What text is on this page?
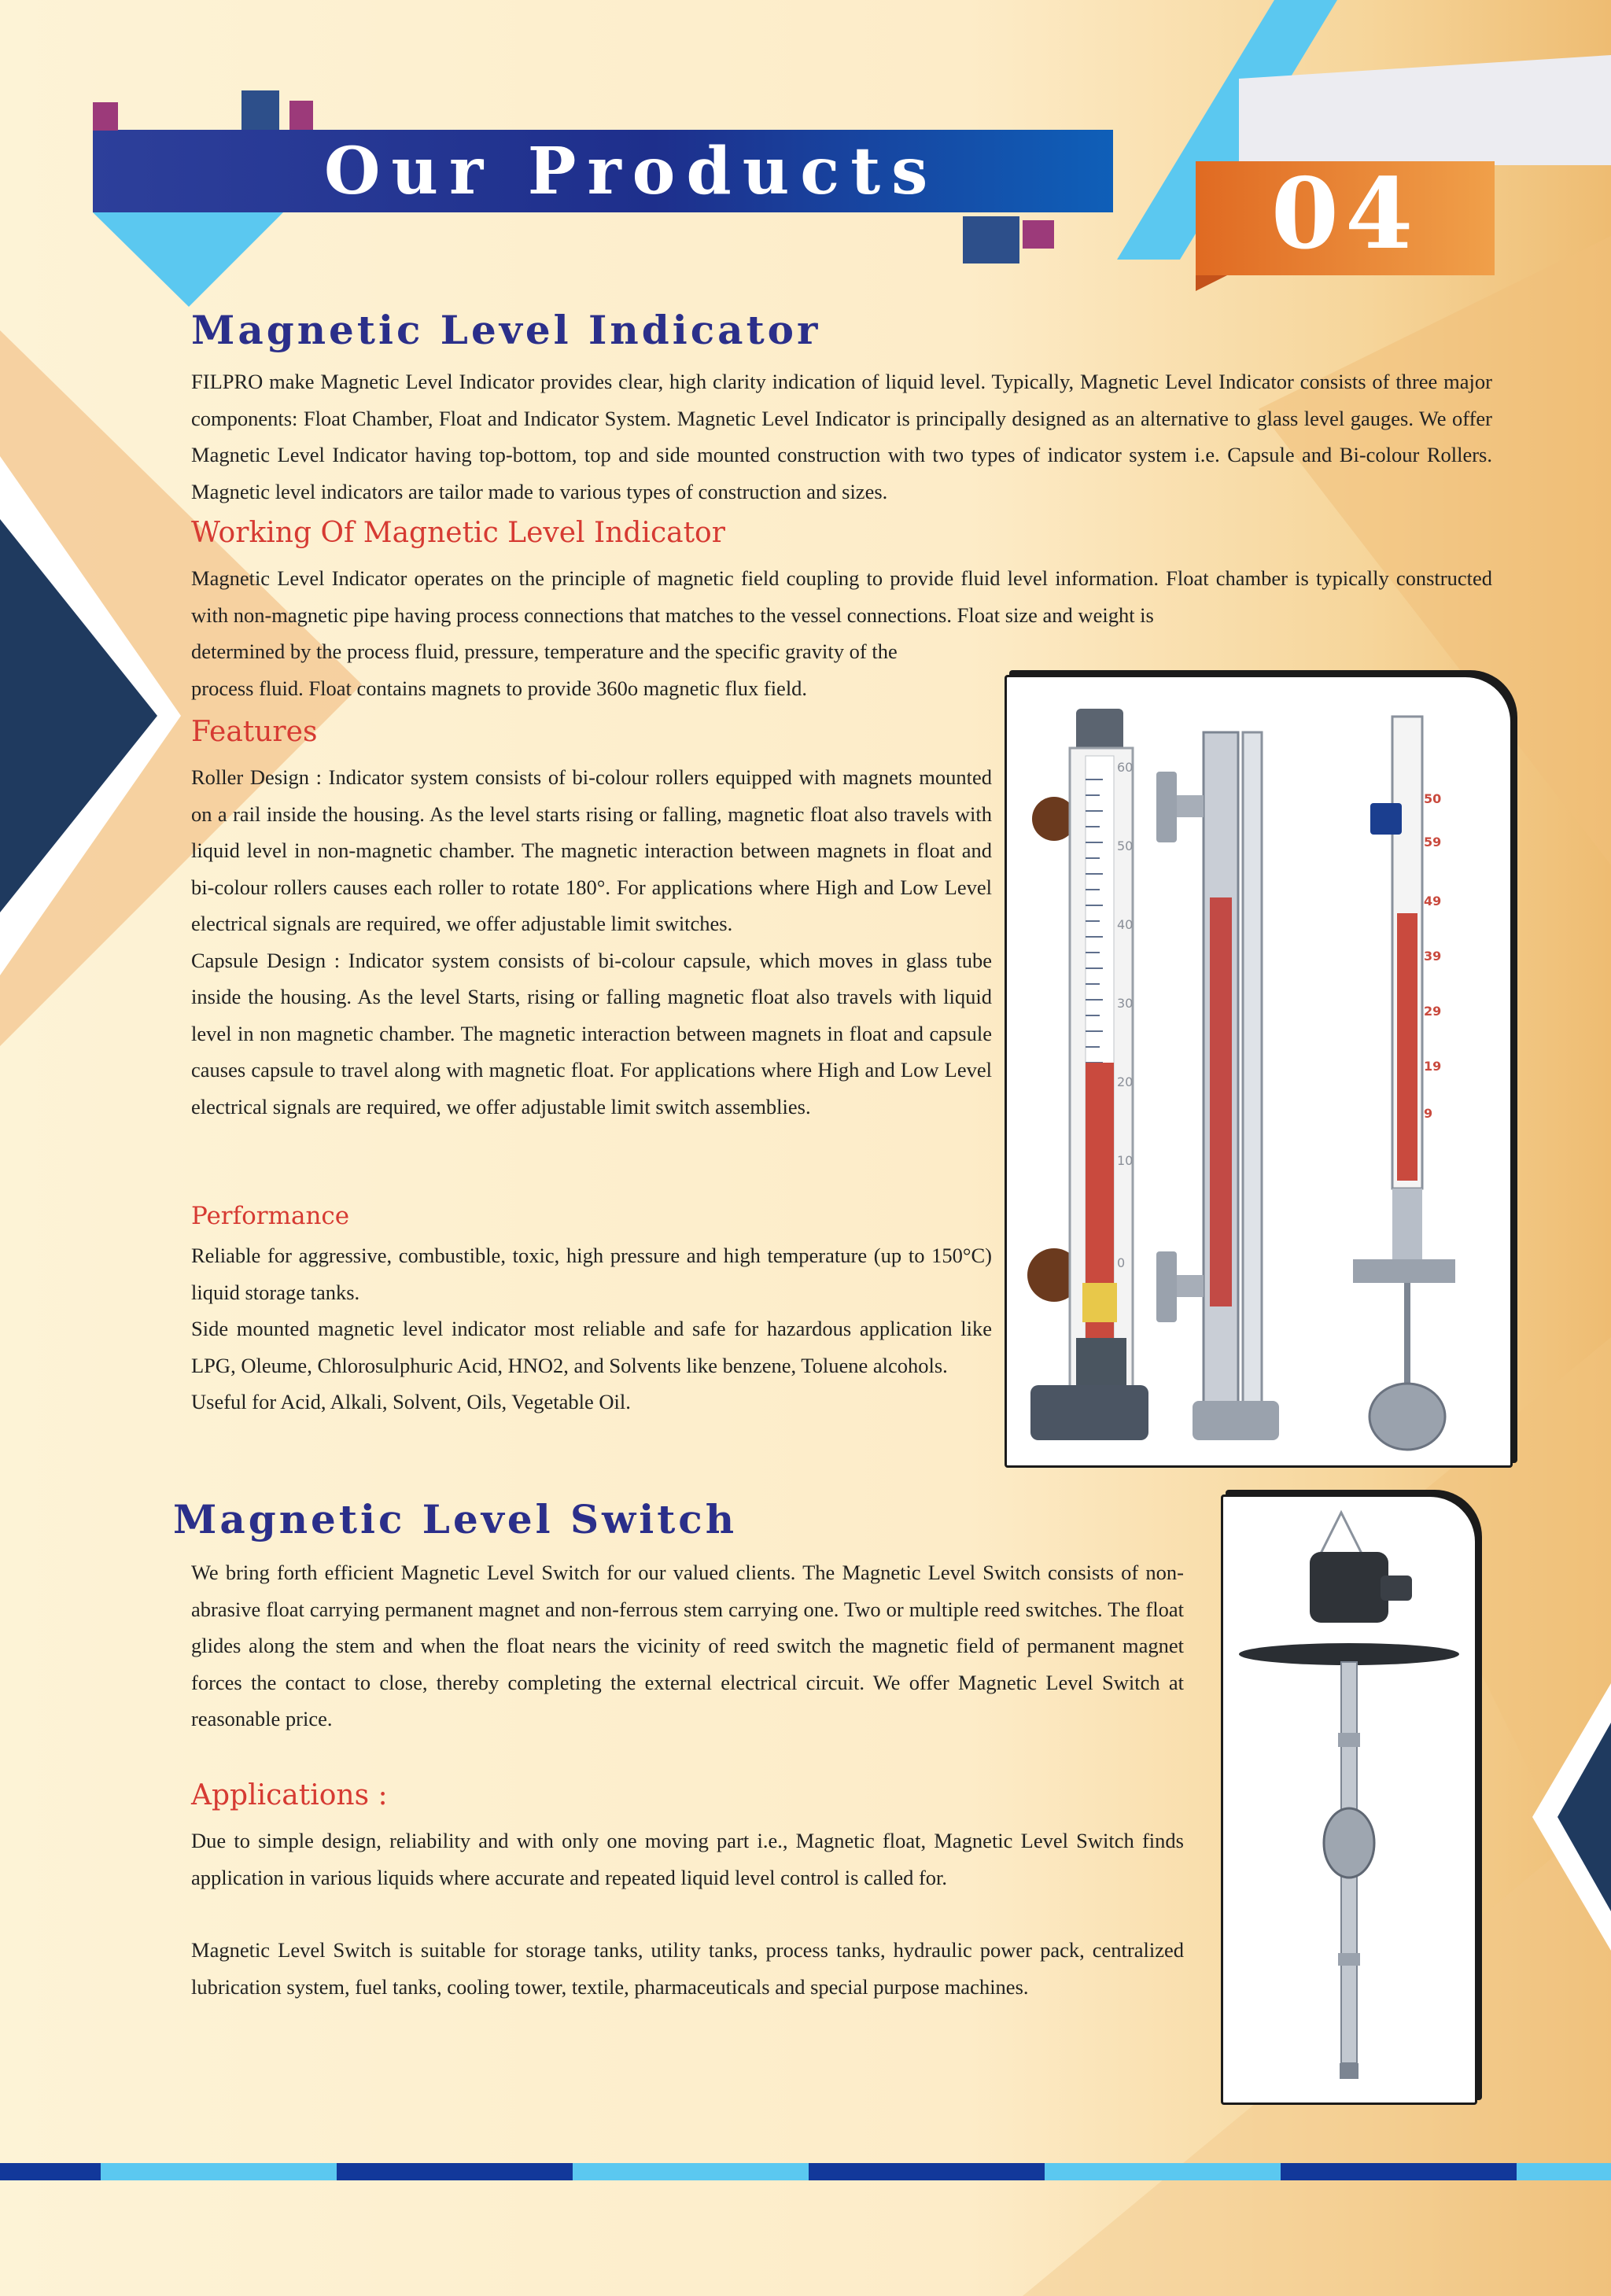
Our Products	04
Magnetic Level Indicator

FILPRO make Magnetic Level Indicator provides clear, high clarity indication of liquid level. Typically, Magnetic Level Indicator consists of three major components: Float Chamber, Float and Indicator System. Magnetic Level Indicator is principally designed as an alternative to glass level gauges. We offer Magnetic Level Indicator having top-bottom, top and side mounted construction with two types of indicator system i.e. Capsule and Bi-colour Rollers. Magnetic level indicators are tailor made to various types of construction and sizes.

Working Of Magnetic Level Indicator

Magnetic Level Indicator operates on the principle of magnetic field coupling to provide fluid level information. Float chamber is typically constructed with non-magnetic pipe having process connections that matches to the vessel connections. Float size and weight is

determined by the process fluid, pressure, temperature and the specific gravity of the

process fluid. Float contains magnets to provide 360o magnetic flux field.

Features

Roller Design : Indicator system consists of bi-colour rollers equipped with magnets mounted on a rail inside the housing. As the level starts rising or falling, magnetic float also travels with liquid level in non-magnetic chamber. The magnetic interaction between magnets in float and bi-colour rollers causes each roller to rotate 180°. For applications where High and Low Level electrical signals are required, we offer adjustable limit switches.

Capsule Design : Indicator system consists of bi-colour capsule, which moves in glass tube inside the housing. As the level Starts, rising or falling magnetic float also travels with liquid level in non magnetic chamber. The magnetic interaction between magnets in float and capsule causes capsule to travel along with magnetic float. For applications where High and Low Level electrical signals are required, we offer adjustable limit switch assemblies.

Performance

Reliable for aggressive, combustible, toxic, high pressure and high temperature (up to 150°C) liquid storage tanks.

Side mounted magnetic level indicator most reliable and safe for hazardous application like LPG, Oleume, Chlorosulphuric Acid, HNO2, and Solvents like benzene, Toluene alcohols.

Useful for Acid, Alkali, Solvent, Oils, Vegetable Oil.

60
50
40
30
20
10
0
50
59
49
39
29
19
9
Magnetic Level Switch

We bring forth efficient Magnetic Level Switch for our valued clients. The Magnetic Level Switch consists of non-abrasive float carrying permanent magnet and non-ferrous stem carrying one. Two or multiple reed switches. The float glides along the stem and when the float nears the vicinity of reed switch the magnetic field of permanent magnet forces the contact to close, thereby completing the external electrical circuit. We offer Magnetic Level Switch at reasonable price.

Applications :

Due to simple design, reliability and with only one moving part i.e., Magnetic float, Magnetic Level Switch finds application in various liquids where accurate and repeated liquid level control is called for.

Magnetic Level Switch is suitable for storage tanks, utility tanks, process tanks, hydraulic power pack, centralized lubrication system, fuel tanks, cooling tower, textile, pharmaceuticals and special purpose machines.
